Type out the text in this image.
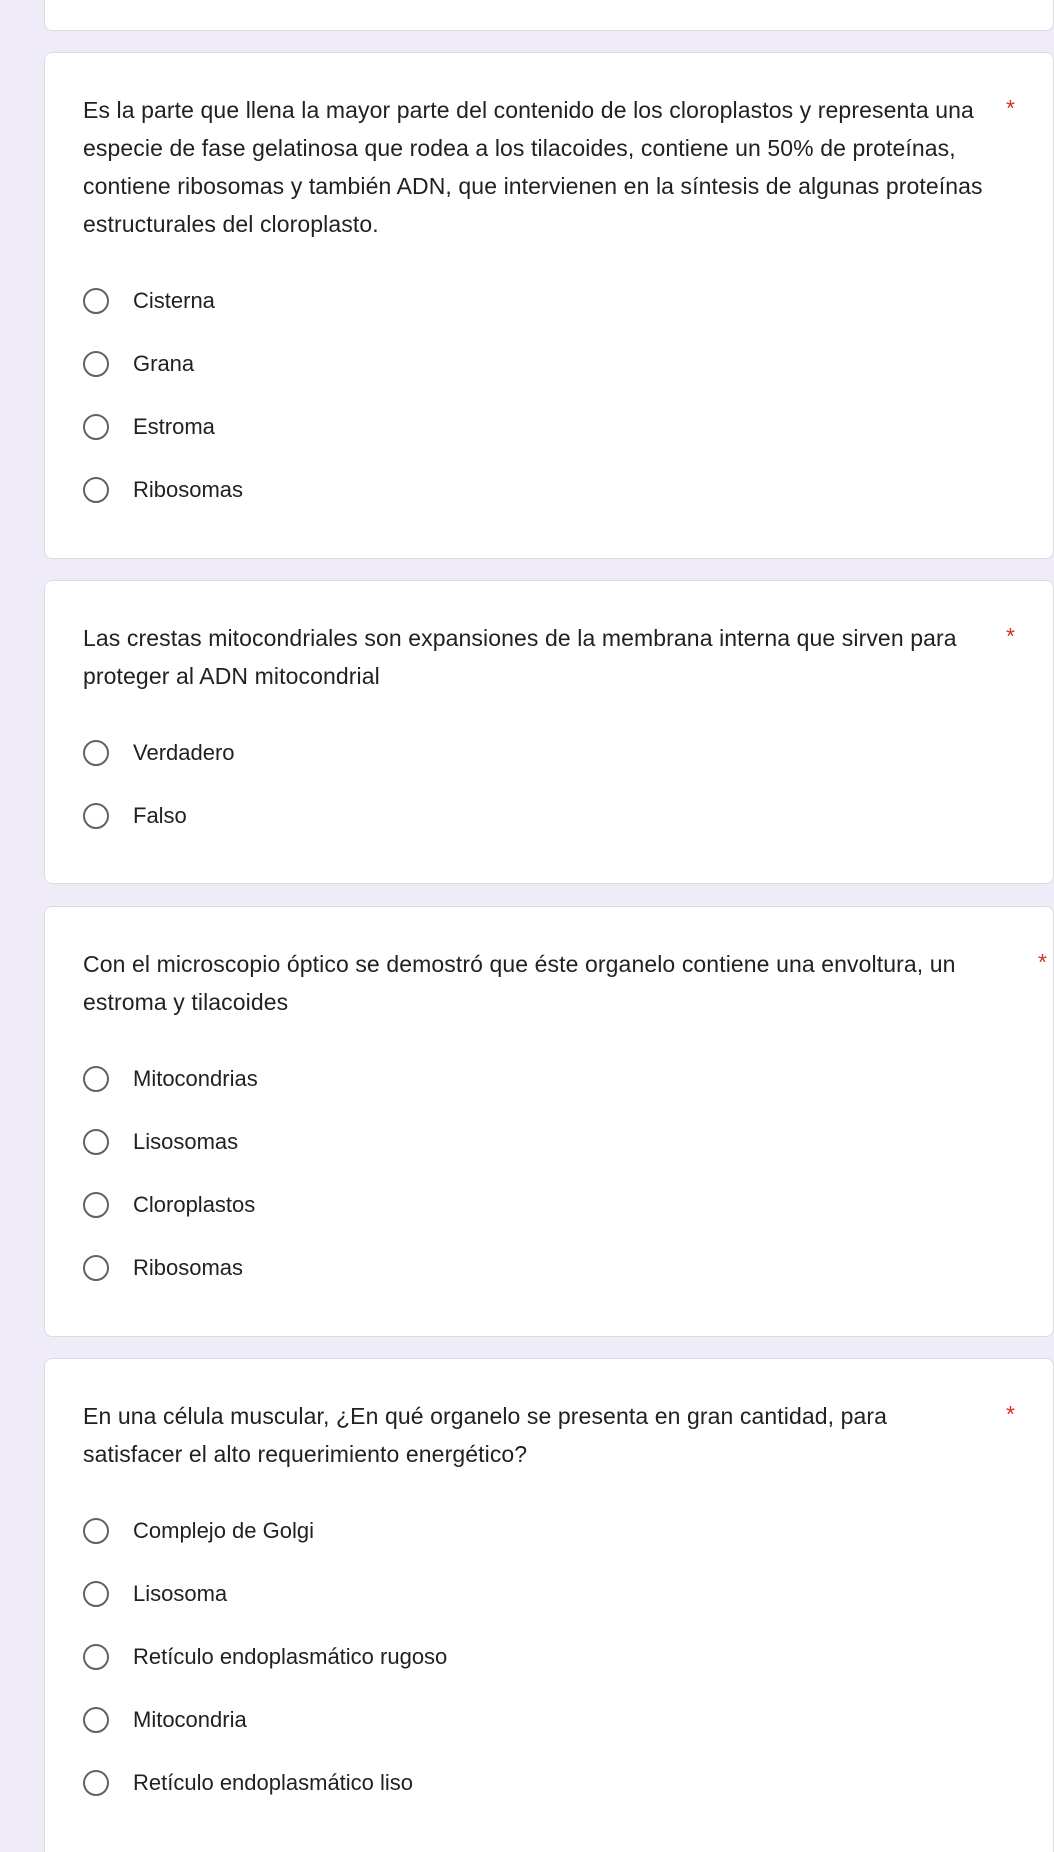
Es la parte que llena la mayor parte del contenido de los cloroplastos y representa una especie de fase gelatinosa que rodea a los tilacoides, contiene un 50% de proteínas, contiene ribosomas y también ADN, que intervienen en la síntesis de algunas proteínas estructurales del cloroplasto.

*
Cisterna
Grana
Estroma
Ribosomas

Las crestas mitocondriales son expansiones de la membrana interna que sirven para proteger al ADN mitocondrial

*
Verdadero
Falso

Con el microscopio óptico se demostró que éste organelo contiene una envoltura, un estroma y tilacoides

*
Mitocondrias
Lisosomas
Cloroplastos
Ribosomas

En una célula muscular, ¿En qué organelo se presenta en gran cantidad, para satisfacer el alto requerimiento energético?

*
Complejo de Golgi
Lisosoma
Retículo endoplasmático rugoso
Mitocondria
Retículo endoplasmático liso
